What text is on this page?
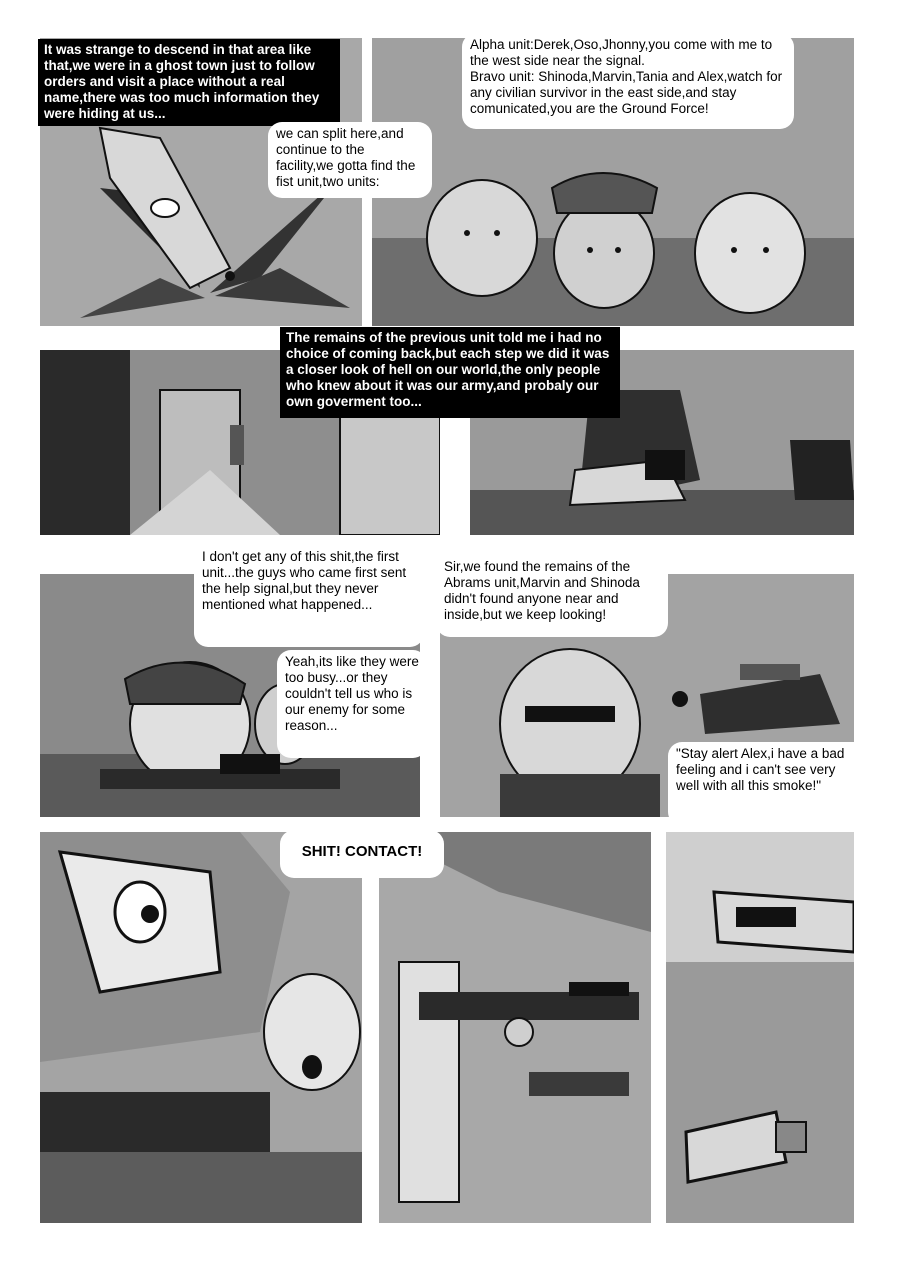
It was strange to descend in that area like that,we were in a ghost town just to follow orders and visit a place without a real name,there was too much information they were hiding at us...
we can split here,and continue to the facility,we gotta find the fist unit,two units:
Alpha unit:Derek,Oso,Jhonny,you come with me to the west side near the signal.
Bravo unit: Shinoda,Marvin,Tania and Alex,watch for any civilian survivor in the east side,and stay comunicated,you are the Ground Force!
The remains of the previous unit told me i had no choice of coming back,but each step we did it was a closer look of hell on our world,the only people who knew about it was our army,and probaly our own goverment too...
I don't get any of this shit,the first unit...the guys who came first sent the help signal,but they never mentioned what happened...
Yeah,its like they were too busy...or they couldn't tell us who is our enemy for some reason...
Sir,we found the remains of the Abrams unit,Marvin and Shinoda didn't found anyone near and inside,but we keep looking!
"Stay alert Alex,i have a bad feeling and i can't see very well with all this smoke!"
SHIT! CONTACT!
